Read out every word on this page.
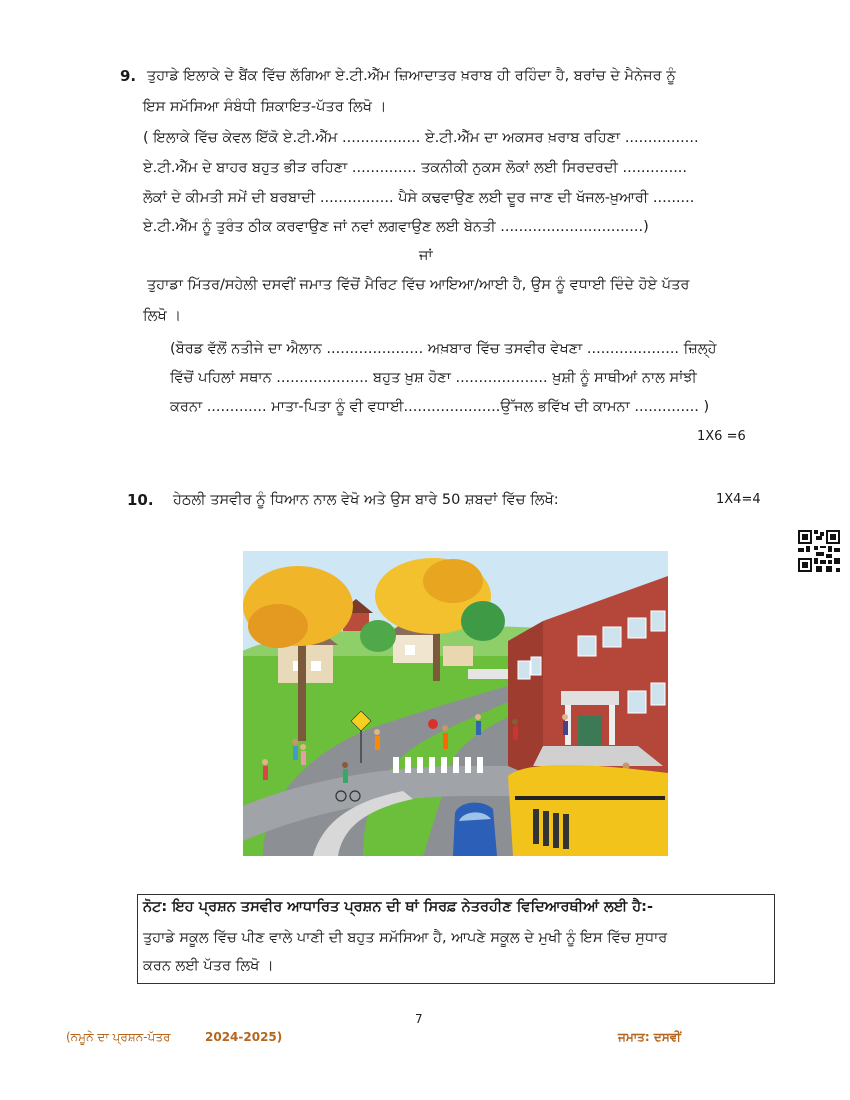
9. ਤੁਹਾਡੇ ਇਲਾਕੇ ਦੇ ਬੈਂਕ ਵਿੱਚ ਲੱਗਿਆ ਏ.ਟੀ.ਐੱਮ ਜ਼ਿਆਦਾਤਰ ਖ਼ਰਾਬ ਹੀ ਰਹਿੰਦਾ ਹੈ, ਬਰਾਂਚ ਦੇ ਮੈਨੇਜਰ ਨੂੰ
ਇਸ ਸਮੱਸਿਆ ਸੰਬੰਧੀ ਸ਼ਿਕਾਇਤ-ਪੱਤਰ ਲਿਖੋ ।
( ਇਲਾਕੇ ਵਿੱਚ ਕੇਵਲ ਇੱਕੋ ਏ.ਟੀ.ਐੱਮ ................. ਏ.ਟੀ.ਐੱਮ ਦਾ ਅਕਸਰ ਖ਼ਰਾਬ ਰਹਿਣਾ ................
ਏ.ਟੀ.ਐੱਮ ਦੇ ਬਾਹਰ ਬਹੁਤ ਭੀੜ ਰਹਿਣਾ .............. ਤਕਨੀਕੀ ਨੁਕਸ ਲੋਕਾਂ ਲਈ ਸਿਰਦਰਦੀ ..............
ਲੋਕਾਂ ਦੇ ਕੀਮਤੀ ਸਮੇਂ ਦੀ ਬਰਬਾਦੀ ................ ਪੈਸੇ ਕਢਵਾਉਣ ਲਈ ਦੂਰ ਜਾਣ ਦੀ ਖੱਜਲ-ਖ਼ੁਆਰੀ .........
ਏ.ਟੀ.ਐੱਮ ਨੂੰ ਤੁਰੰਤ ਠੀਕ ਕਰਵਾਉਣ ਜਾਂ ਨਵਾਂ ਲਗਵਾਉਣ ਲਈ ਬੇਨਤੀ ...............................)
ਜਾਂ
ਤੁਹਾਡਾ ਮਿੱਤਰ/ਸਹੇਲੀ ਦਸਵੀਂ ਜਮਾਤ ਵਿੱਚੋਂ ਮੈਰਿਟ ਵਿੱਚ ਆਇਆ/ਆਈ ਹੈ, ਉਸ ਨੂੰ ਵਧਾਈ ਦਿੰਦੇ ਹੋਏ ਪੱਤਰ
ਲਿਖੋ ।
(ਬੋਰਡ ਵੱਲੋਂ ਨਤੀਜੇ ਦਾ ਐਲਾਨ ..................... ਅਖ਼ਬਾਰ ਵਿੱਚ ਤਸਵੀਰ ਵੇਖਣਾ .................... ਜ਼ਿਲ੍ਹੇ
ਵਿੱਚੋਂ ਪਹਿਲਾਂ ਸਥਾਨ .................... ਬਹੁਤ ਖ਼ੁਸ਼ ਹੋਣਾ .................... ਖ਼ੁਸ਼ੀ ਨੂੰ ਸਾਥੀਆਂ ਨਾਲ ਸਾਂਝੀ
ਕਰਨਾ ............. ਮਾਤਾ-ਪਿਤਾ ਨੂੰ ਵੀ ਵਧਾਈ.....................ਉੱਜਲ ਭਵਿੱਖ ਦੀ ਕਾਮਨਾ .............. )
1X6 =6
10. ਹੇਠਲੀ ਤਸਵੀਰ ਨੂੰ ਧਿਆਨ ਨਾਲ ਵੇਖੋ ਅਤੇ ਉਸ ਬਾਰੇ 50 ਸ਼ਬਦਾਂ ਵਿੱਚ ਲਿਖੋ:	1X4=4
ਨੋਟ: ਇਹ ਪ੍ਰਸ਼ਨ ਤਸਵੀਰ ਆਧਾਰਿਤ ਪ੍ਰਸ਼ਨ ਦੀ ਥਾਂ ਸਿਰਫ਼ ਨੇਤਰਹੀਣ ਵਿਦਿਆਰਥੀਆਂ ਲਈ ਹੈ:-
ਤੁਹਾਡੇ ਸਕੂਲ ਵਿੱਚ ਪੀਣ ਵਾਲੇ ਪਾਣੀ ਦੀ ਬਹੁਤ ਸਮੱਸਿਆ ਹੈ, ਆਪਣੇ ਸਕੂਲ ਦੇ ਮੁਖੀ ਨੂੰ ਇਸ ਵਿੱਚ ਸੁਧਾਰ
ਕਰਨ ਲਈ ਪੱਤਰ ਲਿਖੋ ।
7
(ਨਮੂਨੇ ਦਾ ਪ੍ਰਸ਼ਨ-ਪੱਤਰ	2024-2025)	ਜਮਾਤ: ਦਸਵੀਂ
